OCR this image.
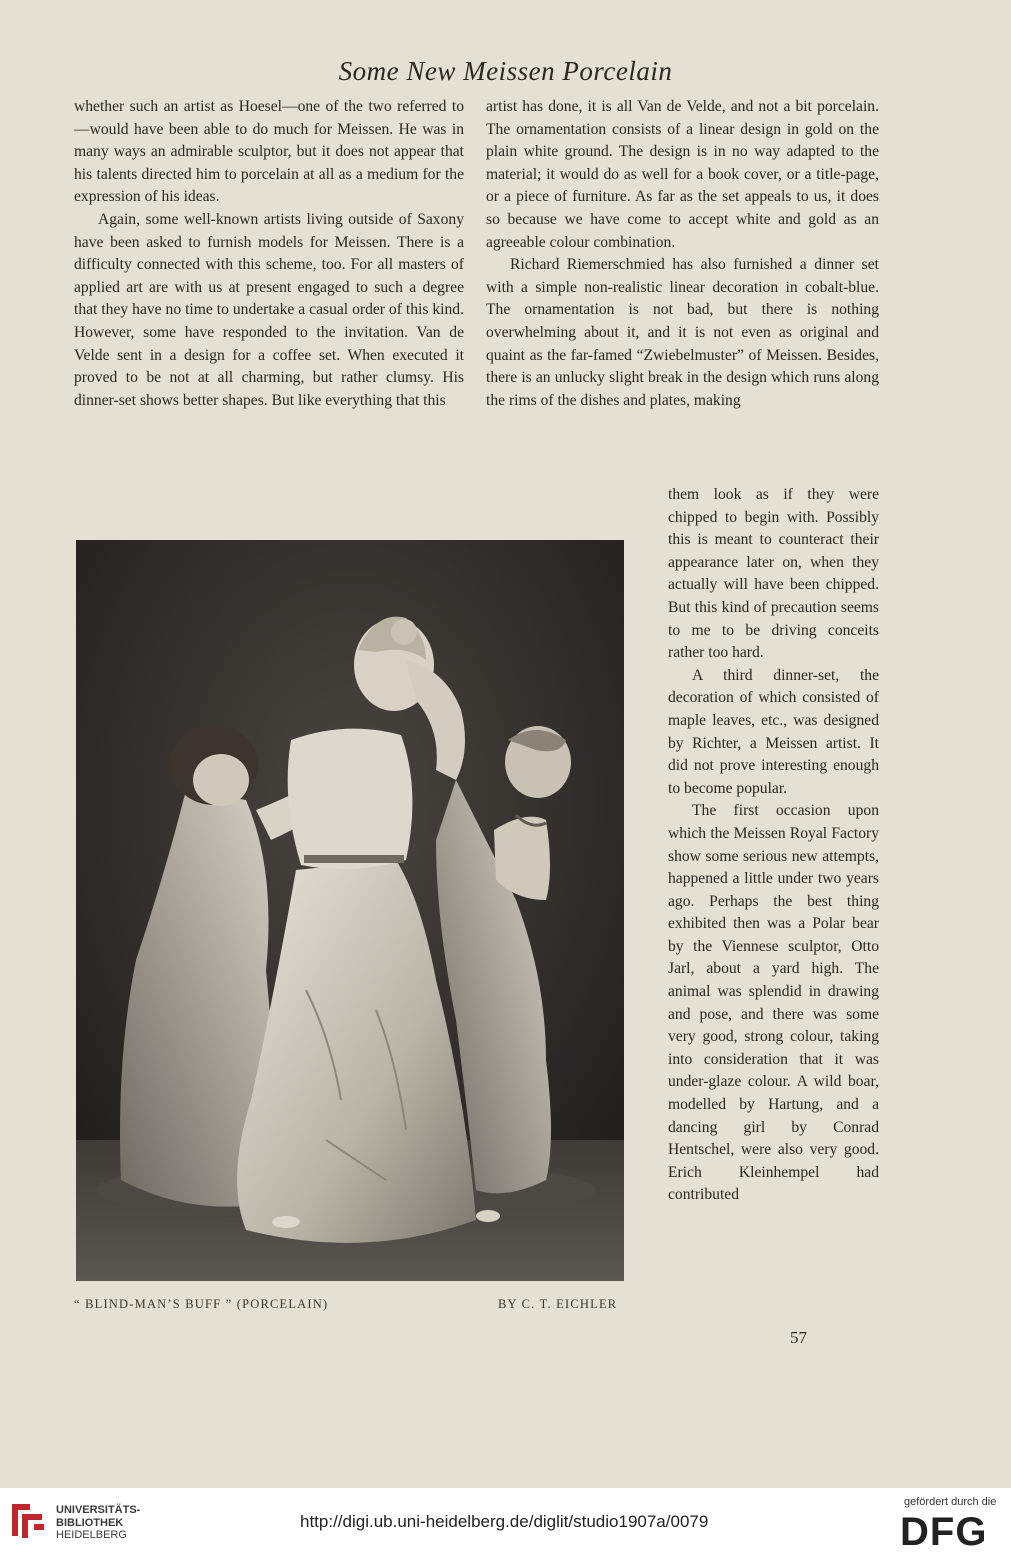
Some New Meissen Porcelain

whether such an artist as Hoesel—one of the two referred to—would have been able to do much for Meissen. He was in many ways an admirable sculptor, but it does not appear that his talents directed him to porcelain at all as a medium for the expression of his ideas.

Again, some well-known artists living outside of Saxony have been asked to furnish models for Meissen. There is a difficulty connected with this scheme, too. For all masters of applied art are with us at present engaged to such a degree that they have no time to undertake a casual order of this kind. However, some have responded to the invitation. Van de Velde sent in a design for a coffee set. When executed it proved to be not at all charming, but rather clumsy. His dinner-set shows better shapes. But like everything that this

artist has done, it is all Van de Velde, and not a bit porcelain. The ornamentation consists of a linear design in gold on the plain white ground. The design is in no way adapted to the material; it would do as well for a book cover, or a title-page, or a piece of furniture. As far as the set appeals to us, it does so because we have come to accept white and gold as an agreeable colour combination.

Richard Riemerschmied has also furnished a dinner set with a simple non-realistic linear decoration in cobalt-blue. The ornamentation is not bad, but there is nothing overwhelming about it, and it is not even as original and quaint as the far-famed “Zwiebelmuster” of Meissen. Besides, there is an unlucky slight break in the design which runs along the rims of the dishes and plates, making

them look as if they were chipped to begin with. Possibly this is meant to counteract their appearance later on, when they actually will have been chipped. But this kind of precaution seems to me to be driving conceits rather too hard.

A third dinner-set, the decoration of which consisted of maple leaves, etc., was designed by Richter, a Meissen artist. It did not prove interesting enough to become popular.

The first occasion upon which the Meissen Royal Factory show some serious new attempts, happened a little under two years ago. Perhaps the best thing exhibited then was a Polar bear by the Viennese sculptor, Otto Jarl, about a yard high. The animal was splendid in drawing and pose, and there was some very good, strong colour, taking into consideration that it was under-glaze colour. A wild boar, modelled by Hartung, and a dancing girl by Conrad Hentschel, were also very good. Erich Kleinhempel had contributed

“ BLIND-MAN’S BUFF ” (PORCELAIN)	BY C. T. EICHLER
57
UNIVERSITÄTS-
BIBLIOTHEK
HEIDELBERG
http://digi.ub.uni-heidelberg.de/diglit/studio1907a/0079
gefördert durch die
DFG
